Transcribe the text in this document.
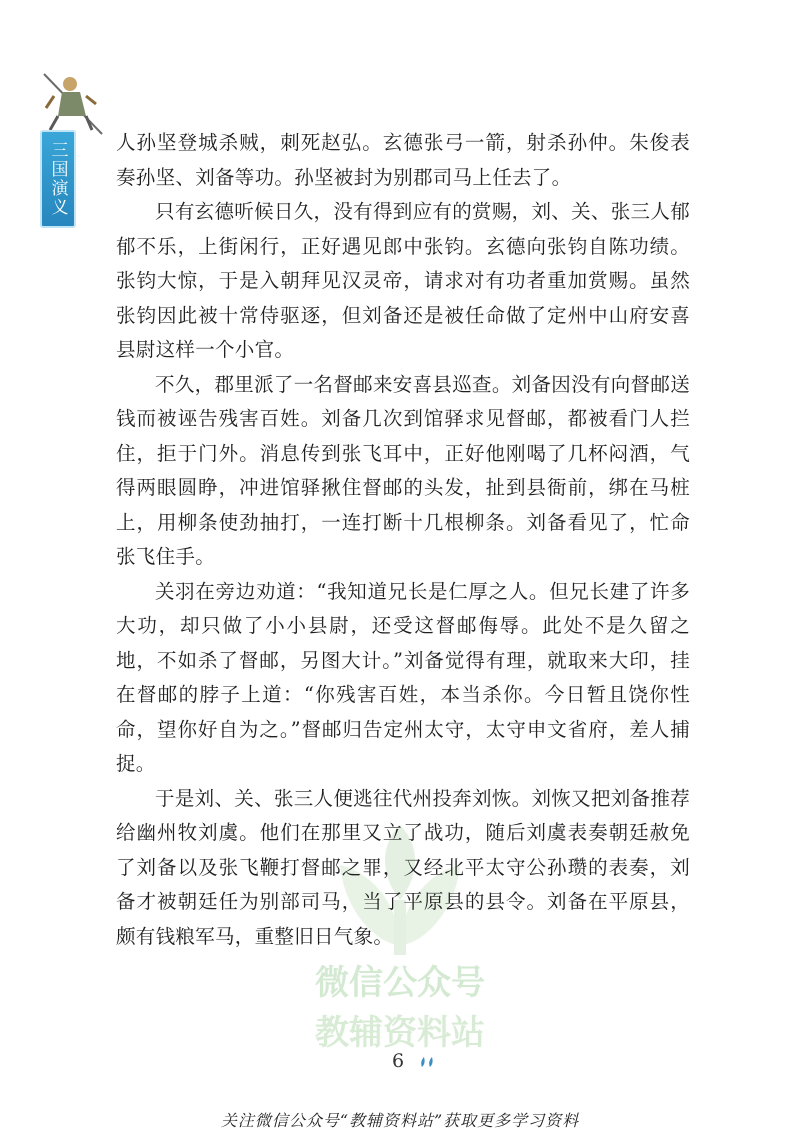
三国演义
微信公众号
教辅资料站

人孙坚登城杀贼，刺死赵弘。玄德张弓一箭，射杀孙仲。朱俊表奏孙坚、刘备等功。孙坚被封为别郡司马上任去了。

只有玄德听候日久，没有得到应有的赏赐，刘、关、张三人郁郁不乐，上街闲行，正好遇见郎中张钧。玄德向张钧自陈功绩。张钧大惊，于是入朝拜见汉灵帝，请求对有功者重加赏赐。虽然张钧因此被十常侍驱逐，但刘备还是被任命做了定州中山府安喜县尉这样一个小官。

不久，郡里派了一名督邮来安喜县巡查。刘备因没有向督邮送钱而被诬告残害百姓。刘备几次到馆驿求见督邮，都被看门人拦住，拒于门外。消息传到张飞耳中，正好他刚喝了几杯闷酒，气得两眼圆睁，冲进馆驿揪住督邮的头发，扯到县衙前，绑在马桩上，用柳条使劲抽打，一连打断十几根柳条。刘备看见了，忙命张飞住手。

关羽在旁边劝道：“我知道兄长是仁厚之人。但兄长建了许多大功，却只做了小小县尉，还受这督邮侮辱。此处不是久留之地，不如杀了督邮，另图大计。”刘备觉得有理，就取来大印，挂在督邮的脖子上道：“你残害百姓，本当杀你。今日暂且饶你性命，望你好自为之。”督邮归告定州太守，太守申文省府，差人捕捉。

于是刘、关、张三人便逃往代州投奔刘恢。刘恢又把刘备推荐给幽州牧刘虞。他们在那里又立了战功，随后刘虞表奏朝廷赦免了刘备以及张飞鞭打督邮之罪，又经北平太守公孙瓒的表奏，刘备才被朝廷任为别部司马，当了平原县的县令。刘备在平原县，颇有钱粮军马，重整旧日气象。

6
关注微信公众号“教辅资料站”获取更多学习资料
